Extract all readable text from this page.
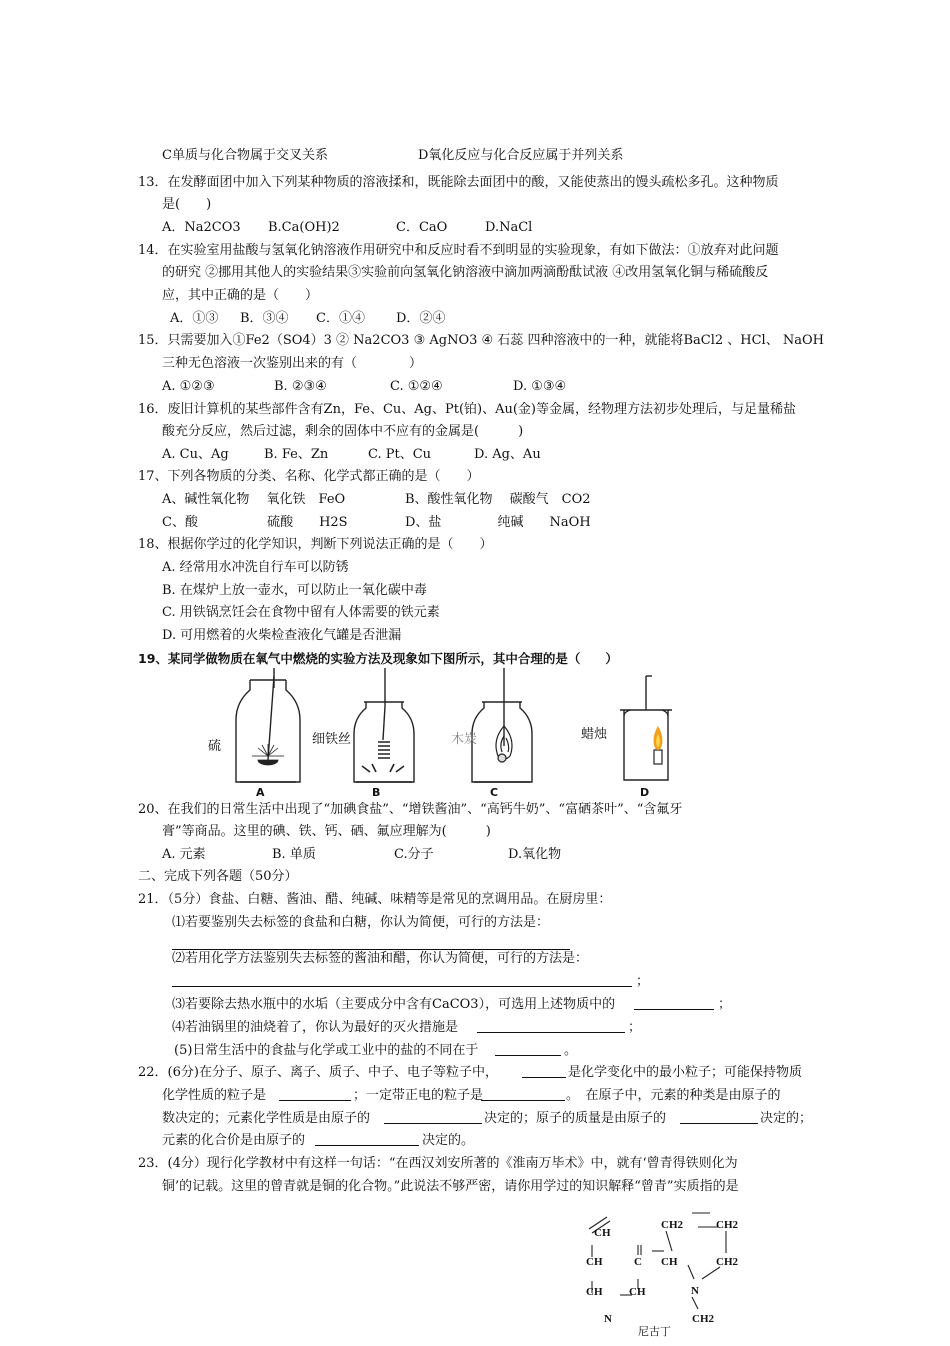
C单质与化合物属于交叉关系	D氧化反应与化合反应属于并列关系
13．在发酵面团中加入下列某种物质的溶液揉和，既能除去面团中的酸，又能使蒸出的馒头疏松多孔。这种物质
是(　　)
A．Na2CO3 B.Ca(OH)2	C．CaO	D.NaCl
14．在实验室用盐酸与氢氧化钠溶液作用研究中和反应时看不到明显的实验现象，有如下做法：①放弃对此问题
的研究 ②挪用其他人的实验结果③实验前向氢氧化钠溶液中滴加两滴酚酞试液 ④改用氢氧化铜与稀硫酸反
应，其中正确的是（　　）
A．①③ B．③④ C．①④ D．②④
15．只需要加入①Fe2（SO4）3 ② Na2CO3 ③ AgNO3 ④ 石蕊 四种溶液中的一种，就能将BaCl2 、HCl、 NaOH
三种无色溶液一次鉴别出来的有（　　　　）
A. ①②③	B. ②③④	C. ①②④	D. ①③④
16．废旧计算机的某些部件含有Zn，Fe、Cu、Ag、Pt(铂)、Au(金)等金属，经物理方法初步处理后，与足量稀盐
酸充分反应，然后过滤，剩余的固体中不应有的金属是(　　　)
A. Cu、Ag	B. Fe、Zn	C. Pt、Cu	D. Ag、Au
17、下列各物质的分类、名称、化学式都正确的是（　　）
A、碱性氧化物　 氧化铁　FeO	B、酸性氧化物　 碳酸气　CO2
C、酸　　　　　 硫酸　　H2S	D、盐　　　　 纯碱　　NaOH
18、根据你学过的化学知识，判断下列说法正确的是（　　）
A. 经常用水冲洗自行车可以防锈
B. 在煤炉上放一壶水，可以防止一氧化碳中毒
C. 用铁锅烹饪会在食物中留有人体需要的铁元素
D. 可用燃着的火柴检查液化气罐是否泄漏
19、某同学做物质在氧气中燃烧的实验方法及现象如下图所示，其中合理的是（　　）
硫	细铁丝	木炭	蜡烛
A	B	C	D
20、在我们的日常生活中出现了“加碘食盐”、“增铁酱油”、“高钙牛奶”、“富硒茶叶”、“含氟牙
膏”等商品。这里的碘、铁、钙、硒、氟应理解为(　　　)
A. 元素	B. 单质	C.分子	D.氧化物
二、完成下列各题（50分）
21．（5分）食盐、白糖、酱油、醋、纯碱、味精等是常见的烹调用品。在厨房里：
⑴若要鉴别失去标签的食盐和白糖，你认为简便，可行的方法是：
⑵若用化学方法鉴别失去标签的酱油和醋，你认为简便，可行的方法是：
；
⑶若要除去热水瓶中的水垢（主要成分中含有CaCO3），可选用上述物质中的	；
⑷若油锅里的油烧着了，你认为最好的灭火措施是	；
(5)日常生活中的食盐与化学或工业中的盐的不同在于	。
22．(6分)在分子、原子、离子、质子、中子、电子等粒子中，	是化学变化中的最小粒子；可能保持物质
化学性质的粒子是	；一定带正电的粒子是	。　在原子中，元素的种类是由原子的
数决定的；元素化学性质是由原子的	决定的；原子的质量是由原子的	决定的；
元素的化合价是由原子的	决定的。
23．(4分）现行化学教材中有这样一句话：“在西汉刘安所著的《淮南万毕术》中，就有‘曾青得铁则化为
铜’的记载。这里的曾青就是铜的化合物。”此说法不够严密，请你用学过的知识解释“曾青”实质指的是
CH
CH2	CH2
CH	C CH	CH2
CH CH	N
N	CH2
尼古丁
